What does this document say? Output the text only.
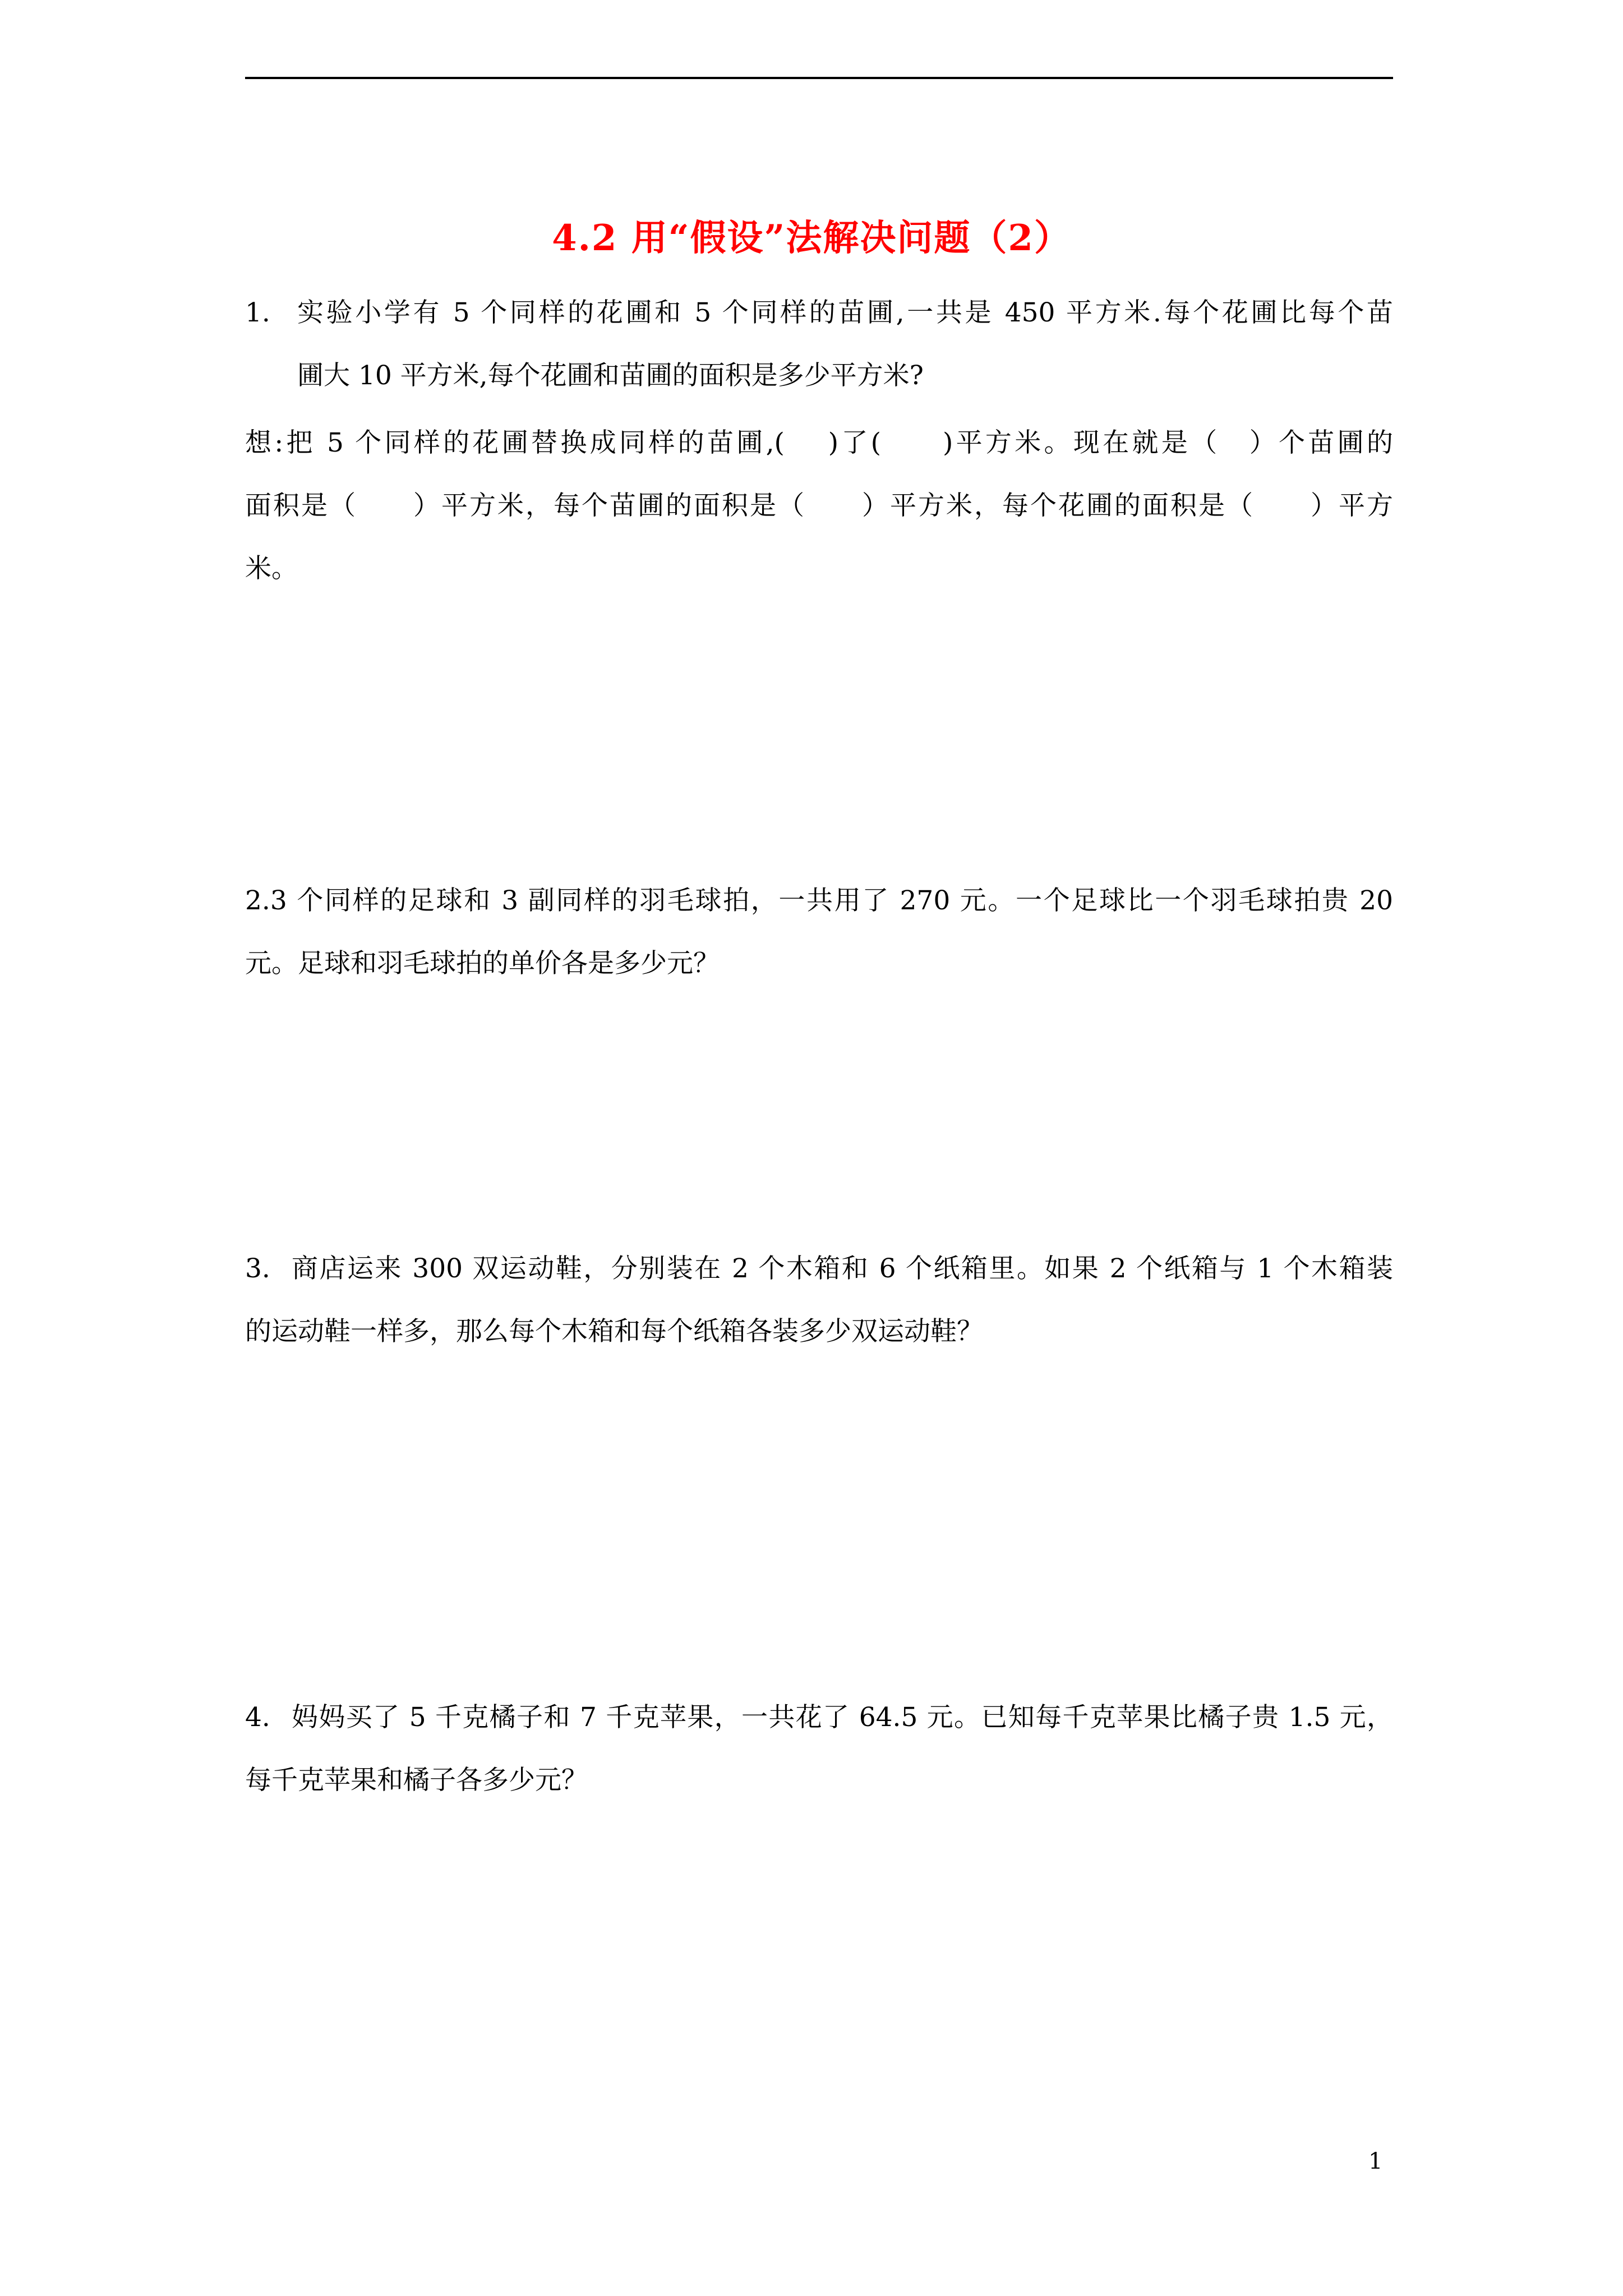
4.2 用“假设”法解决问题（2）
1. 实验小学有 5 个同样的花圃和 5 个同样的苗圃,一共是 450 平方米.每个花圃比每个苗
圃大 10 平方米,每个花圃和苗圃的面积是多少平方米?
想:把 5 个同样的花圃替换成同样的苗圃,(　 )了(　　)平方米。现在就是（　）个苗圃的
面积是（　　）平方米，每个苗圃的面积是（　　）平方米，每个花圃的面积是（　　）平方
米。
2.3 个同样的足球和 3 副同样的羽毛球拍，一共用了 270 元。一个足球比一个羽毛球拍贵 20
元。足球和羽毛球拍的单价各是多少元？
3. 商店运来 300 双运动鞋，分别装在 2 个木箱和 6 个纸箱里。如果 2 个纸箱与 1 个木箱装
的运动鞋一样多，那么每个木箱和每个纸箱各装多少双运动鞋？
4. 妈妈买了 5 千克橘子和 7 千克苹果，一共花了 64.5 元。已知每千克苹果比橘子贵 1.5 元，
每千克苹果和橘子各多少元？
1
